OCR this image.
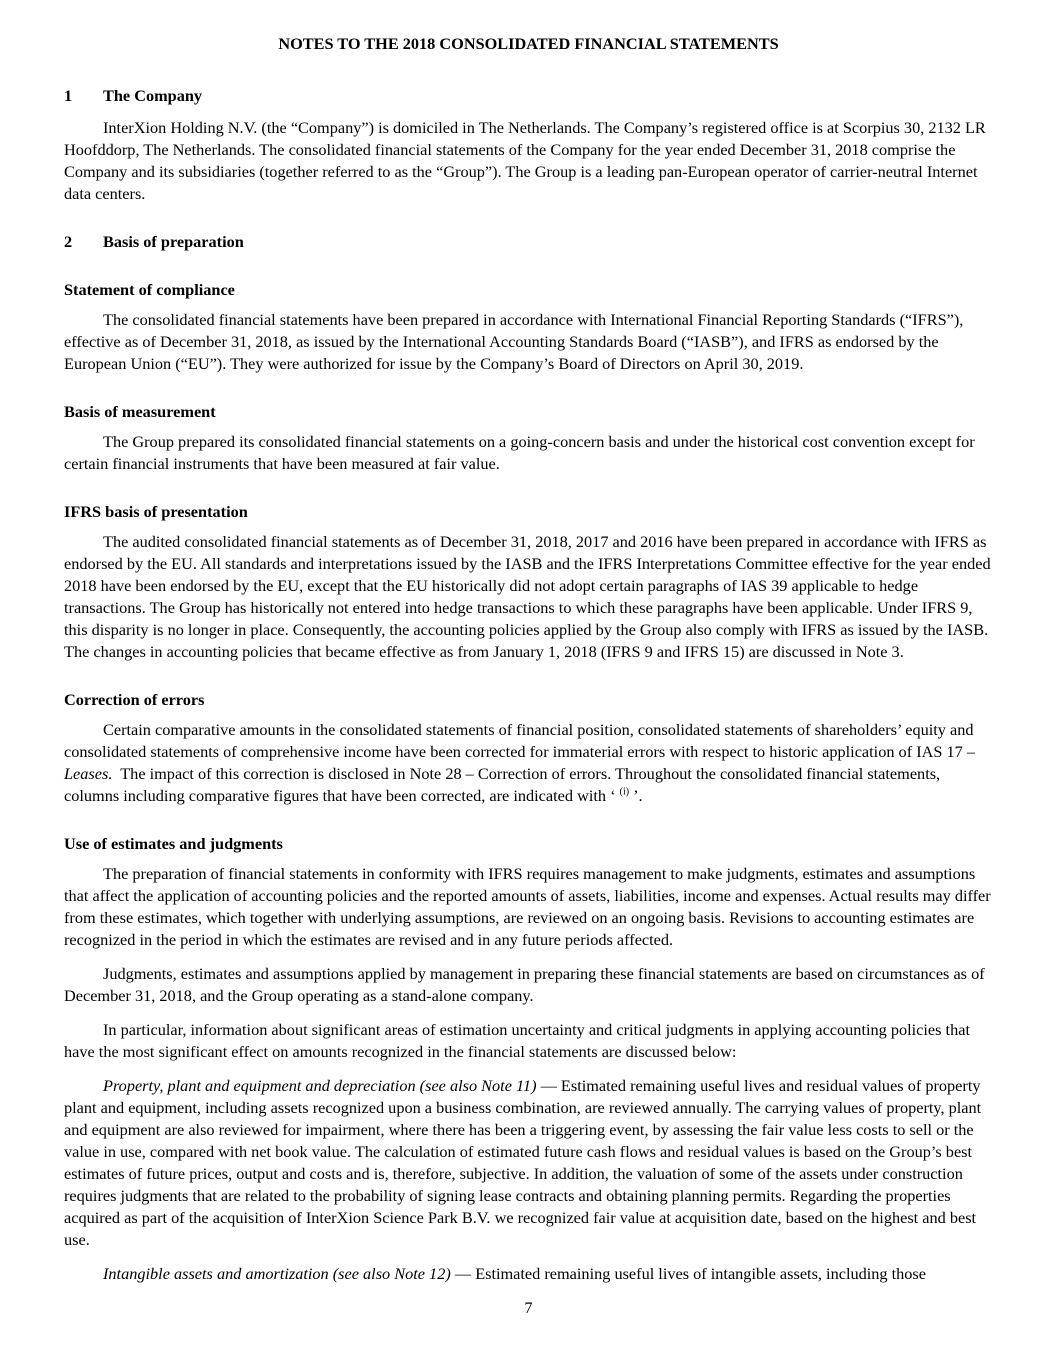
NOTES TO THE 2018 CONSOLIDATED FINANCIAL STATEMENTS
1 The Company

InterXion Holding N.V. (the “Company”) is domiciled in The Netherlands. The Company’s registered office is at Scorpius 30, 2132 LR Hoofddorp, The Netherlands. The consolidated financial statements of the Company for the year ended December 31, 2018 comprise the Company and its subsidiaries (together referred to as the “Group”). The Group is a leading pan-European operator of carrier-neutral Internet data centers.

2 Basis of preparation
Statement of compliance

The consolidated financial statements have been prepared in accordance with International Financial Reporting Standards (“IFRS”), effective as of December 31, 2018, as issued by the International Accounting Standards Board (“IASB”), and IFRS as endorsed by the European Union (“EU”). They were authorized for issue by the Company’s Board of Directors on April 30, 2019.

Basis of measurement

The Group prepared its consolidated financial statements on a going-concern basis and under the historical cost convention except for certain financial instruments that have been measured at fair value.

IFRS basis of presentation

The audited consolidated financial statements as of December 31, 2018, 2017 and 2016 have been prepared in accordance with IFRS as endorsed by the EU. All standards and interpretations issued by the IASB and the IFRS Interpretations Committee effective for the year ended 2018 have been endorsed by the EU, except that the EU historically did not adopt certain paragraphs of IAS 39 applicable to hedge transactions. The Group has historically not entered into hedge transactions to which these paragraphs have been applicable. Under IFRS 9, this disparity is no longer in place. Consequently, the accounting policies applied by the Group also comply with IFRS as issued by the IASB. The changes in accounting policies that became effective as from January 1, 2018 (IFRS 9 and IFRS 15) are discussed in Note 3.

Correction of errors

Certain comparative amounts in the consolidated statements of financial position, consolidated statements of shareholders’ equity and consolidated statements of comprehensive income have been corrected for immaterial errors with respect to historic application of IAS 17 – Leases.  The impact of this correction is disclosed in Note 28 – Correction of errors. Throughout the consolidated financial statements, columns including comparative figures that have been corrected, are indicated with ‘ $^{(i)}$ ’.

Use of estimates and judgments

The preparation of financial statements in conformity with IFRS requires management to make judgments, estimates and assumptions that affect the application of accounting policies and the reported amounts of assets, liabilities, income and expenses. Actual results may differ from these estimates, which together with underlying assumptions, are reviewed on an ongoing basis. Revisions to accounting estimates are recognized in the period in which the estimates are revised and in any future periods affected.

Judgments, estimates and assumptions applied by management in preparing these financial statements are based on circumstances as of December 31, 2018, and the Group operating as a stand-alone company.

In particular, information about significant areas of estimation uncertainty and critical judgments in applying accounting policies that have the most significant effect on amounts recognized in the financial statements are discussed below:

Property, plant and equipment and depreciation (see also Note 11) — Estimated remaining useful lives and residual values of property plant and equipment, including assets recognized upon a business combination, are reviewed annually. The carrying values of property, plant and equipment are also reviewed for impairment, where there has been a triggering event, by assessing the fair value less costs to sell or the value in use, compared with net book value. The calculation of estimated future cash flows and residual values is based on the Group’s best estimates of future prices, output and costs and is, therefore, subjective. In addition, the valuation of some of the assets under construction requires judgments that are related to the probability of signing lease contracts and obtaining planning permits. Regarding the properties acquired as part of the acquisition of InterXion Science Park B.V. we recognized fair value at acquisition date, based on the highest and best use.

Intangible assets and amortization (see also Note 12) — Estimated remaining useful lives of intangible assets, including those

7
